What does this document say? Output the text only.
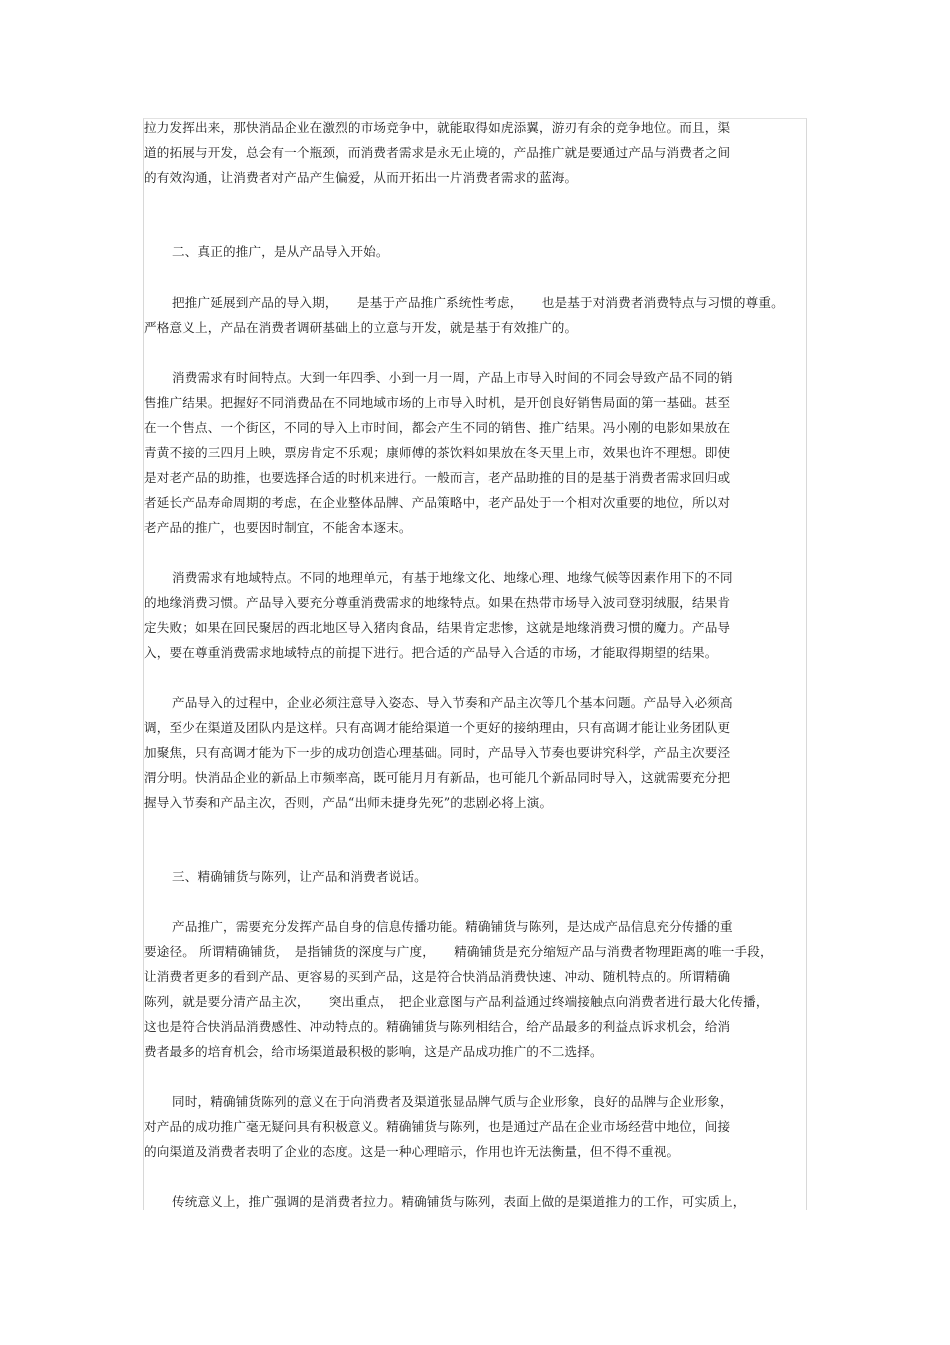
拉力发挥出来，那快消品企业在激烈的市场竞争中，就能取得如虎添翼，游刃有余的竞争地位。而且，渠
道的拓展与开发，总会有一个瓶颈，而消费者需求是永无止境的，产品推广就是要通过产品与消费者之间
的有效沟通，让消费者对产品产生偏爱，从而开拓出一片消费者需求的蓝海。
二、真正的推广，是从产品导入开始。
把推广延展到产品的导入期，　　是基于产品推广系统性考虑，　　也是基于对消费者消费特点与习惯的尊重。
严格意义上，产品在消费者调研基础上的立意与开发，就是基于有效推广的。
消费需求有时间特点。大到一年四季、小到一月一周，产品上市导入时间的不同会导致产品不同的销
售推广结果。把握好不同消费品在不同地域市场的上市导入时机，是开创良好销售局面的第一基础。甚至
在一个售点、一个街区，不同的导入上市时间，都会产生不同的销售、推广结果。冯小刚的电影如果放在
青黄不接的三四月上映，票房肯定不乐观；康师傅的茶饮料如果放在冬天里上市，效果也许不理想。即使
是对老产品的助推，也要选择合适的时机来进行。一般而言，老产品助推的目的是基于消费者需求回归或
者延长产品寿命周期的考虑，在企业整体品牌、产品策略中，老产品处于一个相对次重要的地位，所以对
老产品的推广，也要因时制宜，不能舍本逐末。
消费需求有地域特点。不同的地理单元，有基于地缘文化、地缘心理、地缘气候等因素作用下的不同
的地缘消费习惯。产品导入要充分尊重消费需求的地缘特点。如果在热带市场导入波司登羽绒服，结果肯
定失败；如果在回民聚居的西北地区导入猪肉食品，结果肯定悲惨，这就是地缘消费习惯的魔力。产品导
入，要在尊重消费需求地域特点的前提下进行。把合适的产品导入合适的市场，才能取得期望的结果。
产品导入的过程中，企业必须注意导入姿态、导入节奏和产品主次等几个基本问题。产品导入必须高
调，至少在渠道及团队内是这样。只有高调才能给渠道一个更好的接纳理由，只有高调才能让业务团队更
加聚焦，只有高调才能为下一步的成功创造心理基础。同时，产品导入节奏也要讲究科学，产品主次要泾
渭分明。快消品企业的新品上市频率高，既可能月月有新品，也可能几个新品同时导入，这就需要充分把
握导入节奏和产品主次，否则，产品“出师未捷身先死”的悲剧必将上演。
三、精确铺货与陈列，让产品和消费者说话。
产品推广，需要充分发挥产品自身的信息传播功能。精确铺货与陈列，是达成产品信息充分传播的重
要途径。 所谓精确铺货，　是指铺货的深度与广度，　　精确铺货是充分缩短产品与消费者物理距离的唯一手段，
让消费者更多的看到产品、更容易的买到产品，这是符合快消品消费快速、冲动、随机特点的。所谓精确
陈列，就是要分清产品主次，　　突出重点，　把企业意图与产品利益通过终端接触点向消费者进行最大化传播，
这也是符合快消品消费感性、冲动特点的。精确铺货与陈列相结合，给产品最多的利益点诉求机会，给消
费者最多的培育机会，给市场渠道最积极的影响，这是产品成功推广的不二选择。
同时，精确铺货陈列的意义在于向消费者及渠道张显品牌气质与企业形象，良好的品牌与企业形象，
对产品的成功推广毫无疑问具有积极意义。精确铺货与陈列，也是通过产品在企业市场经营中地位，间接
的向渠道及消费者表明了企业的态度。这是一种心理暗示，作用也许无法衡量，但不得不重视。
传统意义上，推广强调的是消费者拉力。精确铺货与陈列，表面上做的是渠道推力的工作，可实质上，
